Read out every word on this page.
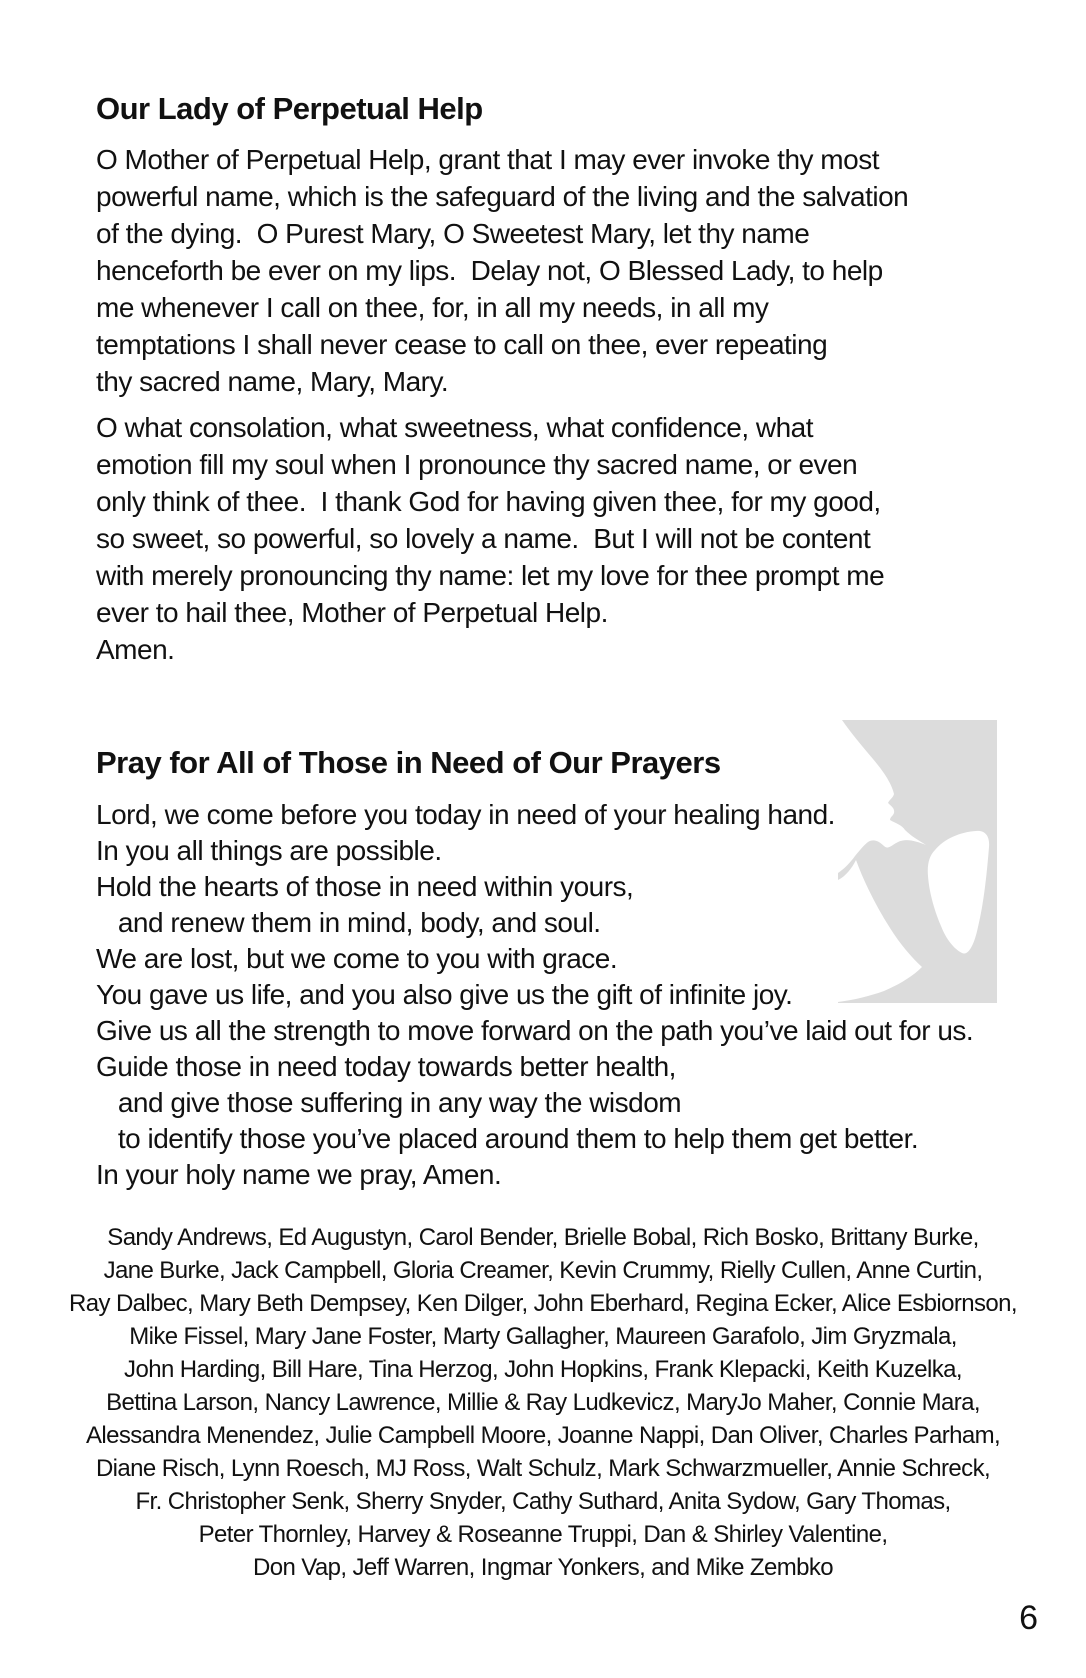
Our Lady of Perpetual Help
O Mother of Perpetual Help, grant that I may ever invoke thy most
powerful name, which is the safeguard of the living and the salvation
of the dying.  O Purest Mary, O Sweetest Mary, let thy name
henceforth be ever on my lips.  Delay not, O Blessed Lady, to help
me whenever I call on thee, for, in all my needs, in all my
temptations I shall never cease to call on thee, ever repeating
thy sacred name, Mary, Mary.
O what consolation, what sweetness, what confidence, what
emotion fill my soul when I pronounce thy sacred name, or even
only think of thee.  I thank God for having given thee, for my good,
so sweet, so powerful, so lovely a name.  But I will not be content
with merely pronouncing thy name: let my love for thee prompt me
ever to hail thee, Mother of Perpetual Help.
Amen.
Pray for All of Those in Need of Our Prayers
Lord, we come before you today in need of your healing hand.
In you all things are possible.
Hold the hearts of those in need within yours,
and renew them in mind, body, and soul.
We are lost, but we come to you with grace.
You gave us life, and you also give us the gift of infinite joy.
Give us all the strength to move forward on the path you’ve laid out for us.
Guide those in need today towards better health,
and give those suffering in any way the wisdom
to identify those you’ve placed around them to help them get better.
In your holy name we pray, Amen.
Sandy Andrews, Ed Augustyn, Carol Bender, Brielle Bobal, Rich Bosko, Brittany Burke,
Jane Burke, Jack Campbell, Gloria Creamer, Kevin Crummy, Rielly Cullen, Anne Curtin,
Ray Dalbec, Mary Beth Dempsey, Ken Dilger, John Eberhard, Regina Ecker, Alice Esbiornson,
Mike Fissel, Mary Jane Foster, Marty Gallagher, Maureen Garafolo, Jim Gryzmala,
John Harding, Bill Hare, Tina Herzog, John Hopkins, Frank Klepacki, Keith Kuzelka,
Bettina Larson, Nancy Lawrence, Millie & Ray Ludkevicz, MaryJo Maher, Connie Mara,
Alessandra Menendez, Julie Campbell Moore, Joanne Nappi, Dan Oliver, Charles Parham,
Diane Risch, Lynn Roesch, MJ Ross, Walt Schulz, Mark Schwarzmueller, Annie Schreck,
Fr. Christopher Senk, Sherry Snyder, Cathy Suthard, Anita Sydow, Gary Thomas,
Peter Thornley, Harvey & Roseanne Truppi, Dan & Shirley Valentine,
Don Vap, Jeff Warren, Ingmar Yonkers, and Mike Zembko
6
